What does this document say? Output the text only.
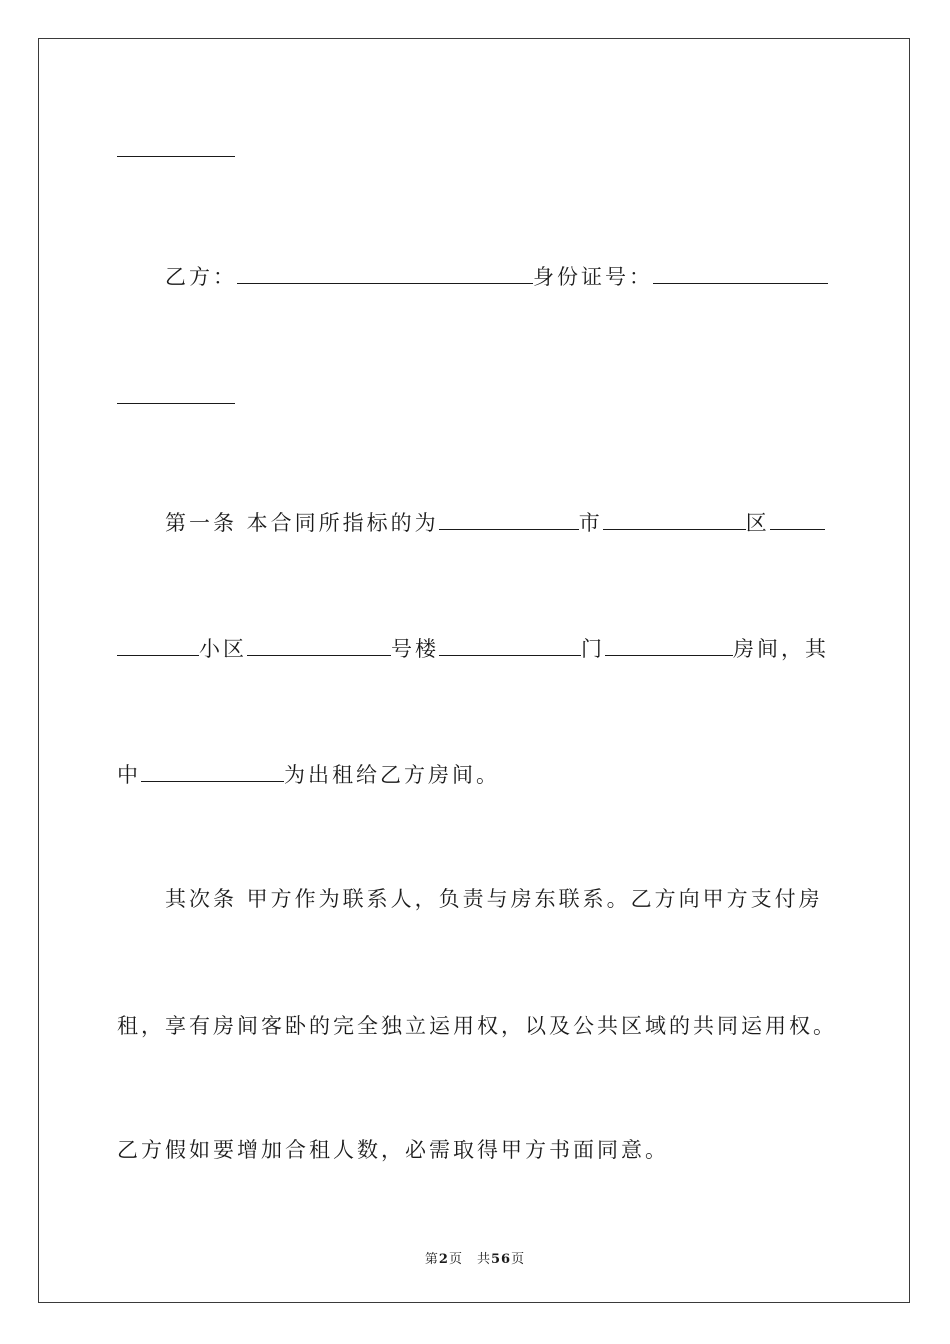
乙方：	身份证号：
第一条 本合同所指标的为	市	区
小区	号楼	门	房间，其
中	为出租给乙方房间。
其次条 甲方作为联系人，负责与房东联系。乙方向甲方支付房
租，享有房间客卧的完全独立运用权，以及公共区域的共同运用权。
乙方假如要增加合租人数，必需取得甲方书面同意。
第2页 共56页
